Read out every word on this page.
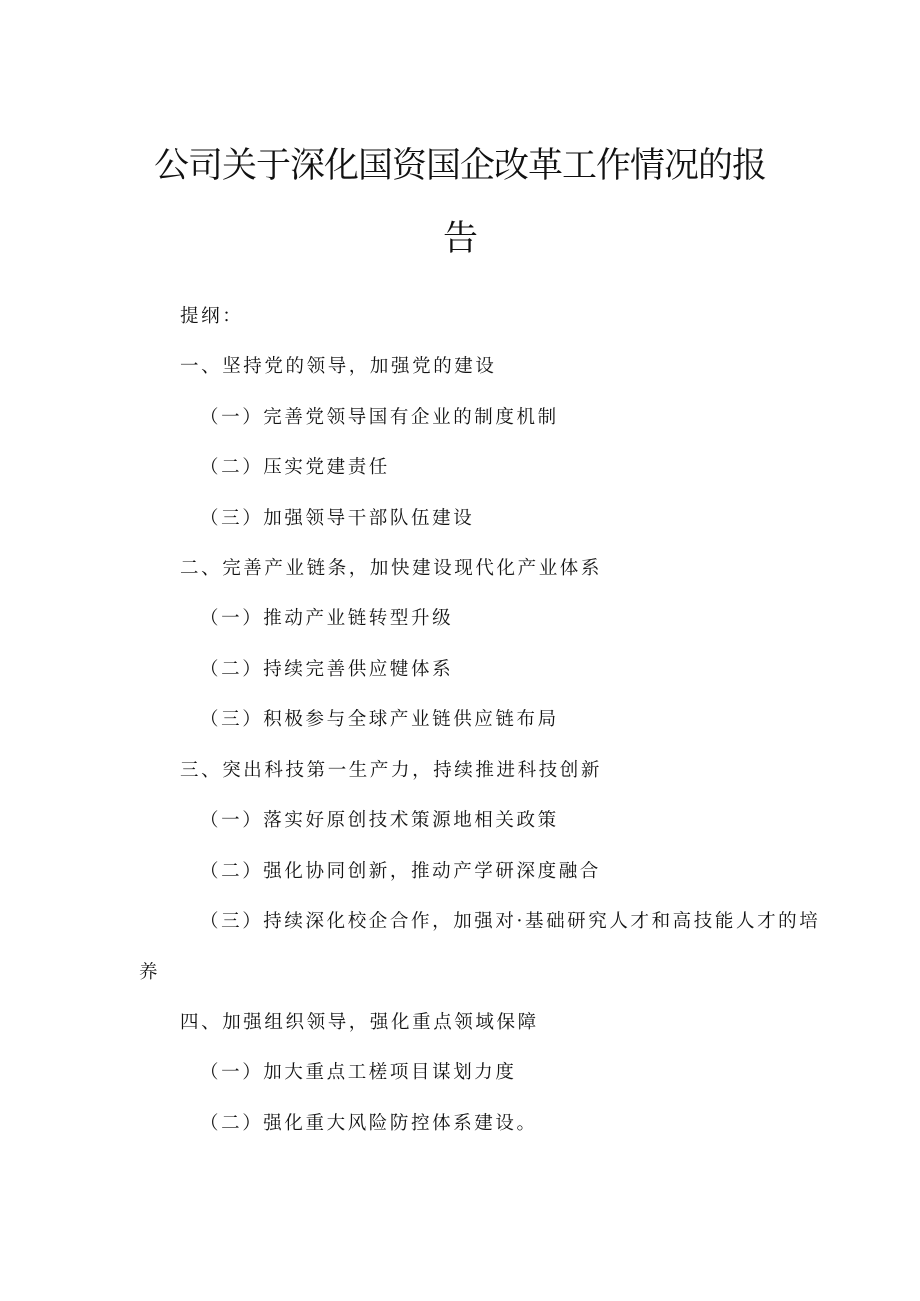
公司关于深化国资国企改革工作情况的报
告
提纲：
一、坚持党的领导，加强党的建设
（一）完善党领导国有企业的制度机制
（二）压实党建责任
（三）加强领导干部队伍建设
二、完善产业链条，加快建设现代化产业体系
（一）推动产业链转型升级
（二）持续完善供应犍体系
（三）积极参与全球产业链供应链布局
三、突出科技第一生产力，持续推进科技创新
（一）落实好原创技术策源地相关政策
（二）强化协同创新，推动产学研深度融合
（三）持续深化校企合作，加强对·基础研究人才和高技能人才的培
养
四、加强组织领导，强化重点领域保障
（一）加大重点工槎项目谋划力度
（二）强化重大风险防控体系建设。
